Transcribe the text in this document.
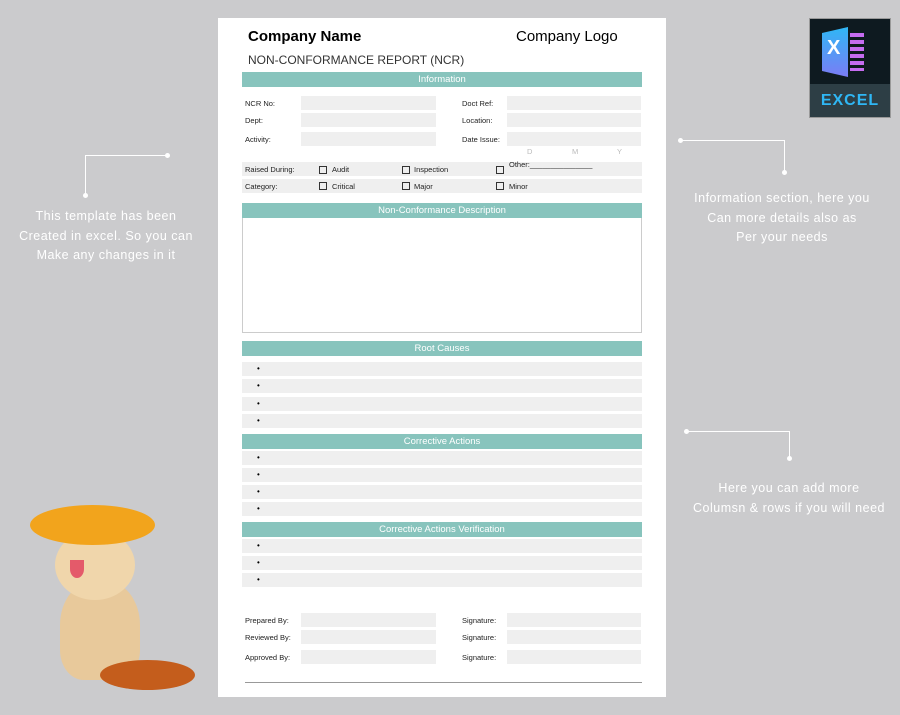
Company Name	Company Logo
NON-CONFORMANCE REPORT (NCR)
Information
NCR No:	Doct Ref:
Dept:	Location:
Activity:	Date Issue:
D	M	Y
Raised During:	Audit	Inspection
Other:_______________
Category:	Critical	Major	Minor
Non-Conformance Description
Root Causes
Corrective Actions
Corrective Actions Verification
•
•
•
•
•
•
•
•
•
•
•
Prepared By:	Signature:
Reviewed By:	Signature:
Approved By:	Signature:
This template has been
Created in excel. So you can
Make any changes in it
Information section, here you
Can more details also as
Per your needs
Here you can add more
Columsn & rows if you will need
X
EXCEL
